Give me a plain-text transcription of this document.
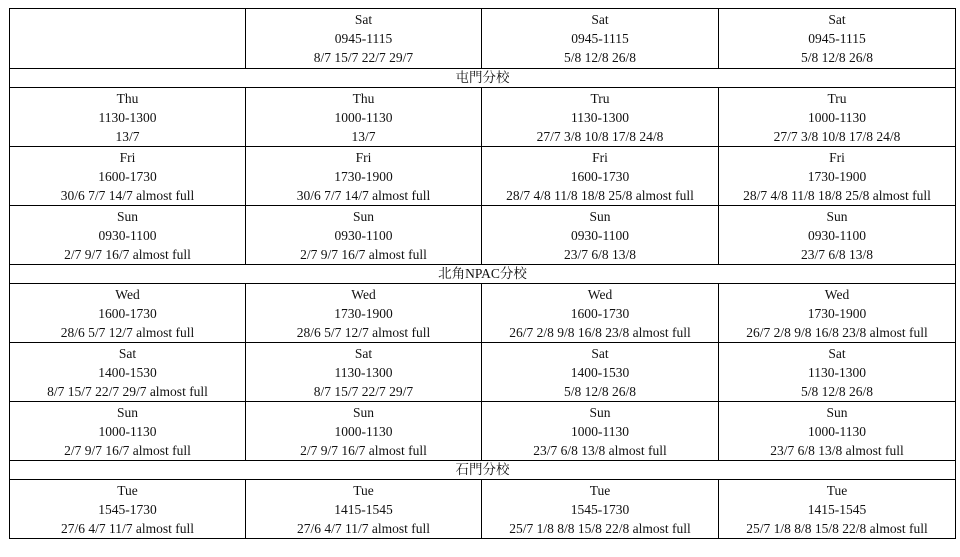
	Sat
0945-1115
8/7 15/7 22/7 29/7	Sat
0945-1115
5/8 12/8 26/8	Sat
0945-1115
5/8 12/8 26/8

屯門分校			

Thu
1130-1300
13/7	Thu
1000-1130
13/7	Tru
1130-1300
27/7 3/8 10/8 17/8 24/8	Tru
1000-1130
27/7 3/8 10/8 17/8 24/8

Fri
1600-1730
30/6 7/7 14/7 almost full	Fri
1730-1900
30/6 7/7 14/7 almost full	Fri
1600-1730
28/7 4/8 11/8 18/8 25/8 almost full	Fri
1730-1900
28/7 4/8 11/8 18/8 25/8 almost full

Sun
0930-1100
2/7 9/7 16/7 almost full	Sun
0930-1100
2/7 9/7 16/7 almost full	Sun
0930-1100
23/7 6/8 13/8	Sun
0930-1100
23/7 6/8 13/8

北角NPAC分校			

Wed
1600-1730
28/6 5/7 12/7 almost full	Wed
1730-1900
28/6 5/7 12/7 almost full	Wed
1600-1730
26/7 2/8 9/8 16/8 23/8 almost full	Wed
1730-1900
26/7 2/8 9/8 16/8 23/8 almost full

Sat
1400-1530
8/7 15/7 22/7 29/7 almost full	Sat
1130-1300
8/7 15/7 22/7 29/7	Sat
1400-1530
5/8 12/8 26/8	Sat
1130-1300
5/8 12/8 26/8

Sun
1000-1130
2/7 9/7 16/7 almost full	Sun
1000-1130
2/7 9/7 16/7 almost full	Sun
1000-1130
23/7 6/8 13/8 almost full	Sun
1000-1130
23/7 6/8 13/8 almost full

石門分校			

Tue
1545-1730
27/6 4/7 11/7 almost full	Tue
1415-1545
27/6 4/7 11/7 almost full	Tue
1545-1730
25/7 1/8 8/8 15/8 22/8 almost full	Tue
1415-1545
25/7 1/8 8/8 15/8 22/8 almost full
